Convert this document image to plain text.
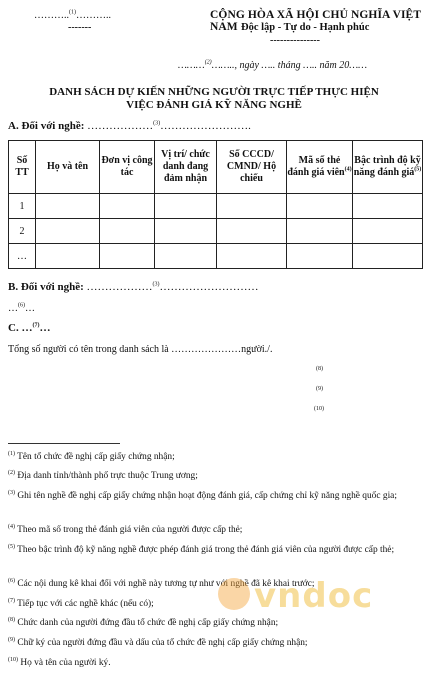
………..$^{(1)}$………..
-------
CỘNG HÒA XÃ HỘI CHỦ NGHĨA VIỆT NAM Độc lập - Tự do - Hạnh phúc
---------------
………$^{(2)}$…….., ngày ….. tháng ….. năm 20……
DANH SÁCH DỰ KIẾN NHỮNG NGƯỜI TRỰC TIẾP THỰC HIỆN
VIỆC ĐÁNH GIÁ KỸ NĂNG NGHỀ
A. Đối với nghề: ………………$^{(3)}$…………………….
Số TT	Họ và tên	Đơn vị công tác	Vị trí/ chức danh đang đảm nhận	Số CCCD/ CMND/ Hộ chiếu	Mã số thẻ đánh giá viên$^{(4)}$	Bậc trình độ kỹ năng đánh giá$^{(5)}$
1						
2						
…						
B. Đối với nghề: ………………$^{(3)}$………………………
…$^{(6)}$…
C. …$^{(7)}$…
Tổng số người có tên trong danh sách là …………………người./.
(8)
(9)
(10)
$^{(1)}$ Tên tổ chức đề nghị cấp giấy chứng nhận;
$^{(2)}$ Địa danh tỉnh/thành phố trực thuộc Trung ương;
$^{(3)}$ Ghi tên nghề đề nghị cấp giấy chứng nhận hoạt động đánh giá, cấp chứng chỉ kỹ năng nghề quốc gia;
$^{(4)}$ Theo mã số trong thẻ đánh giá viên của người được cấp thẻ;
$^{(5)}$ Theo bậc trình độ kỹ năng nghề được phép đánh giá trong thẻ đánh giá viên của người được cấp thẻ;
$^{(6)}$ Các nội dung kê khai đối với nghề này tương tự như với nghề đã kê khai trước;
$^{(7)}$ Tiếp tục với các nghề khác (nếu có);
$^{(8)}$ Chức danh của người đứng đầu tổ chức đề nghị cấp giấy chứng nhận;
$^{(9)}$ Chữ ký của người đứng đầu và dấu của tổ chức đề nghị cấp giấy chứng nhận;
$^{(10)}$ Họ và tên của người ký.
vndoc
